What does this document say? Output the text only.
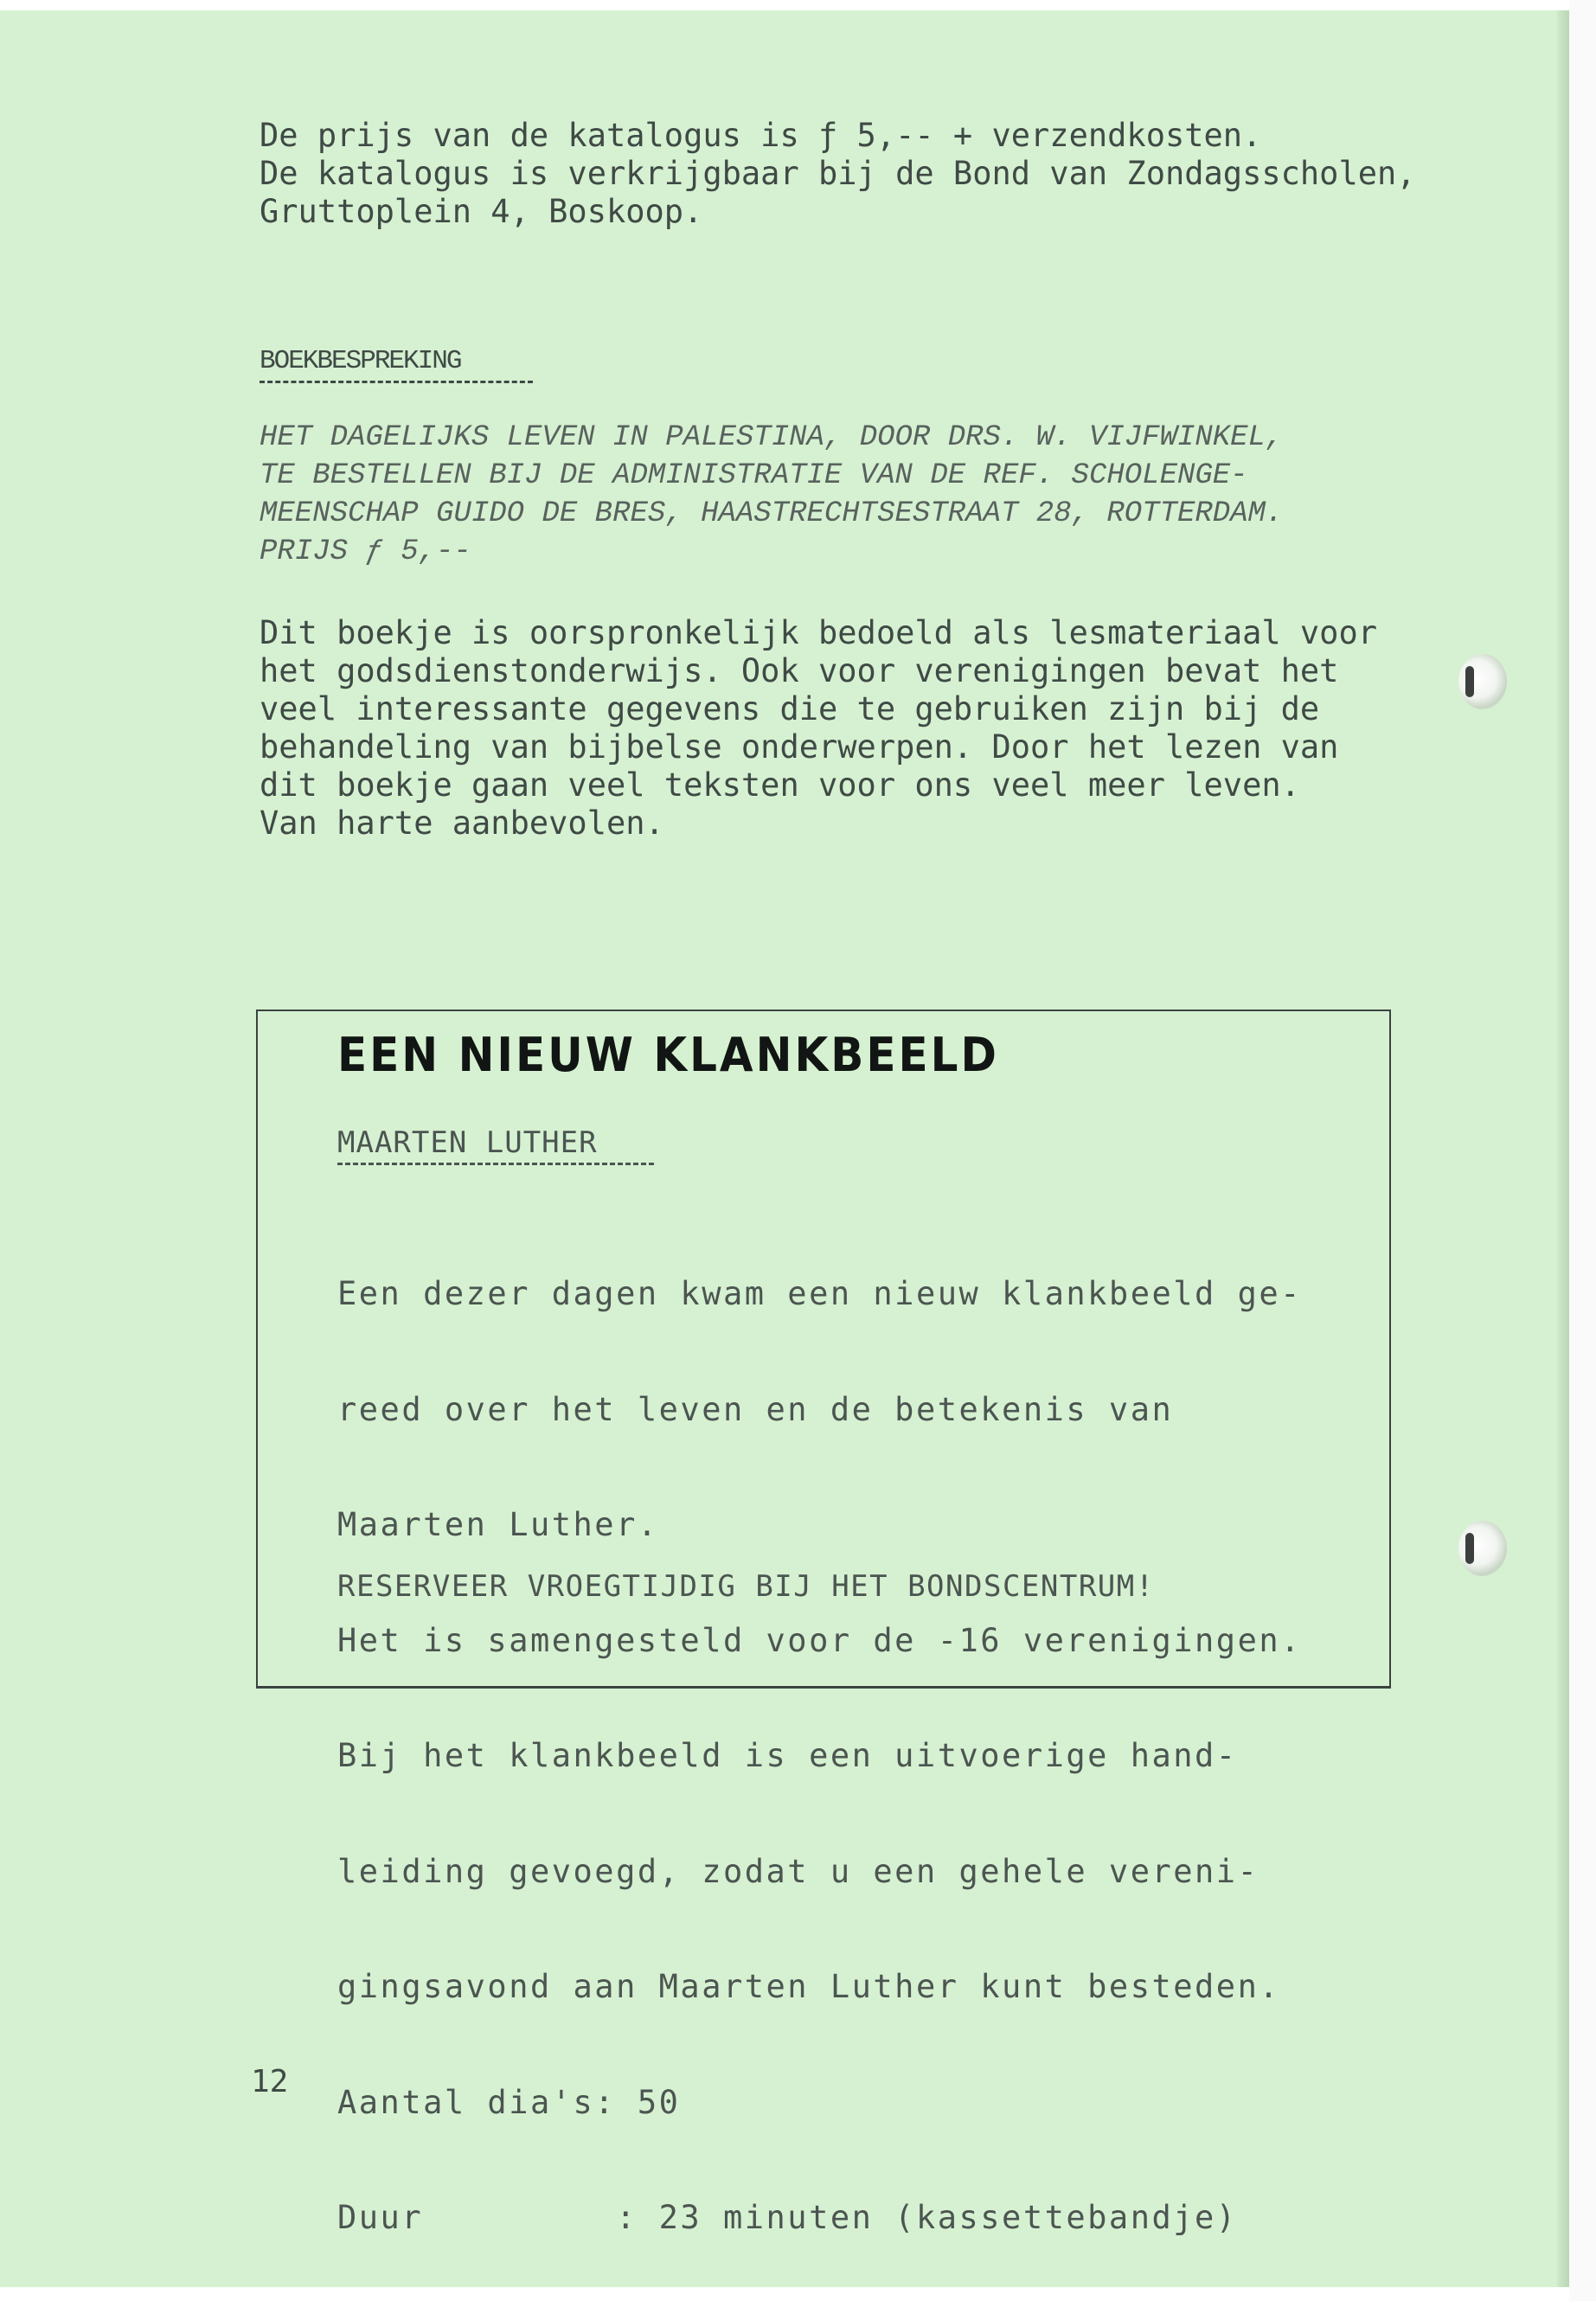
De prijs van de katalogus is ƒ 5,-- + verzendkosten.

De katalogus is verkrijgbaar bij de Bond van Zondagsscholen,

Gruttoplein 4, Boskoop.

BOEKBESPREKING

HET DAGELIJKS LEVEN IN PALESTINA, DOOR DRS. W. VIJFWINKEL,

TE BESTELLEN BIJ DE ADMINISTRATIE VAN DE REF. SCHOLENGE-

MEENSCHAP GUIDO DE BRES, HAASTRECHTSESTRAAT 28, ROTTERDAM.

PRIJS ƒ 5,--

Dit boekje is oorspronkelijk bedoeld als lesmateriaal voor

het godsdienstonderwijs. Ook voor verenigingen bevat het

veel interessante gegevens die te gebruiken zijn bij de

behandeling van bijbelse onderwerpen. Door het lezen van

dit boekje gaan veel teksten voor ons veel meer leven.

Van harte aanbevolen.

EEN NIEUW KLANKBEELD
MAARTEN LUTHER

Een dezer dagen kwam een nieuw klankbeeld ge-

reed over het leven en de betekenis van

Maarten Luther.

Het is samengesteld voor de -16 verenigingen.

Bij het klankbeeld is een uitvoerige hand-

leiding gevoegd, zodat u een gehele vereni-

gingsavond aan Maarten Luther kunt besteden.

Aantal dia's: 50

Duur         : 23 minuten (kassettebandje)

RESERVEER VROEGTIJDIG BIJ HET BONDSCENTRUM!
12
